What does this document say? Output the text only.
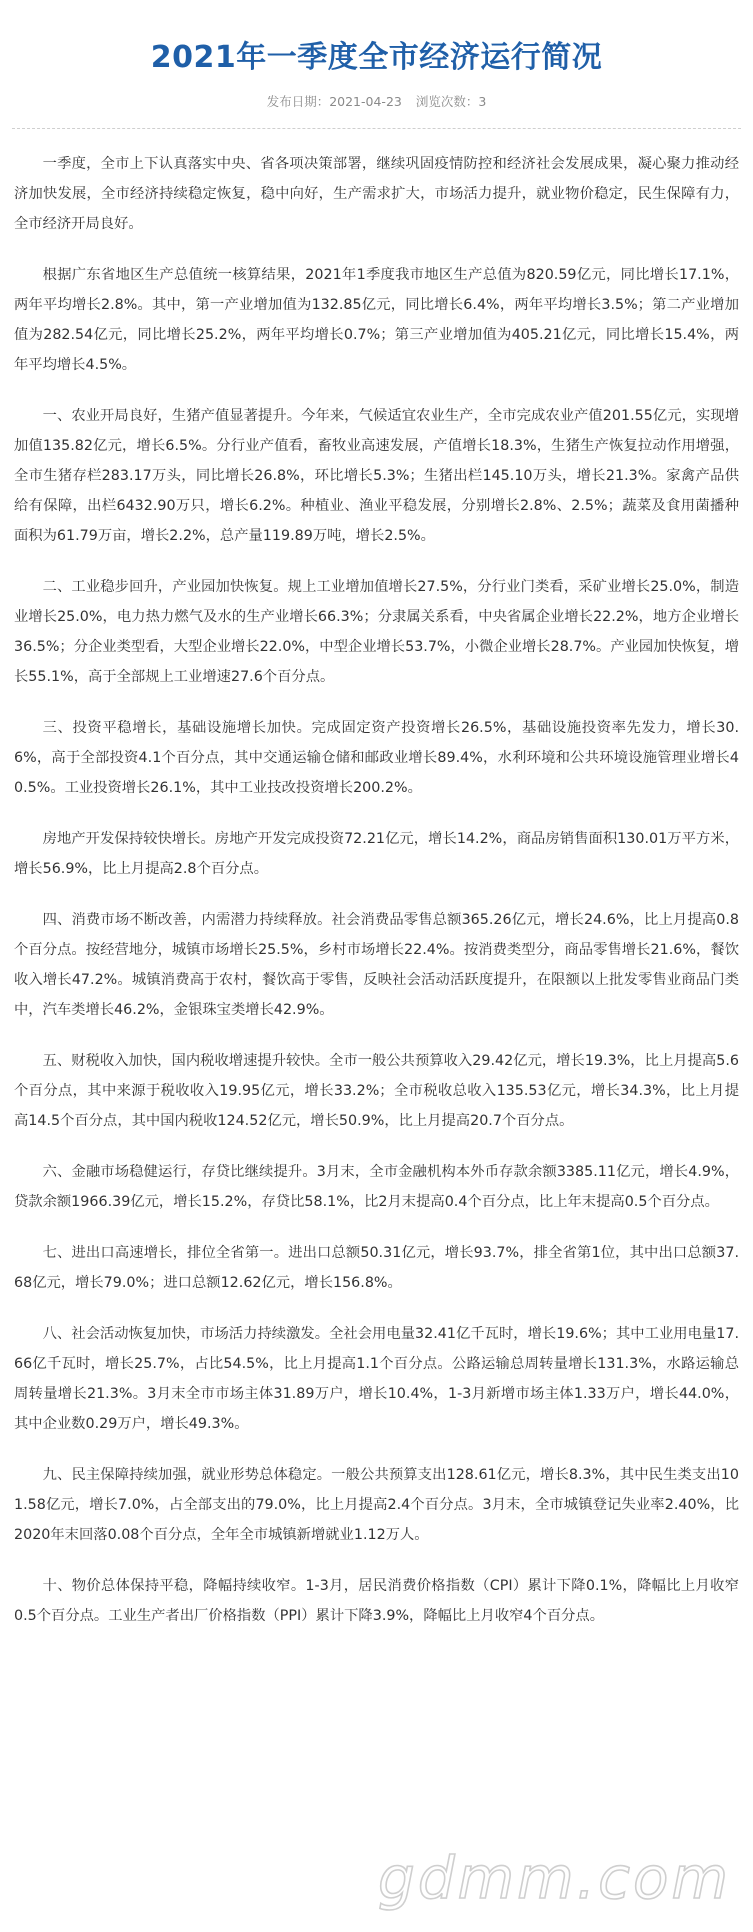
2021年一季度全市经济运行简况
发布日期：2021-04-23 浏览次数：3

一季度，全市上下认真落实中央、省各项决策部署，继续巩固疫情防控和经济社会发展成果，凝心聚力推动经济加快发展，全市经济持续稳定恢复，稳中向好，生产需求扩大，市场活力提升，就业物价稳定，民生保障有力，全市经济开局良好。

根据广东省地区生产总值统一核算结果，2021年1季度我市地区生产总值为820.59亿元，同比增长17.1%，两年平均增长2.8%。其中，第一产业增加值为132.85亿元，同比增长6.4%，两年平均增长3.5%；第二产业增加值为282.54亿元，同比增长25.2%，两年平均增长0.7%；第三产业增加值为405.21亿元，同比增长15.4%，两年平均增长4.5%。

一、农业开局良好，生猪产值显著提升。今年来，气候适宜农业生产，全市完成农业产值201.55亿元，实现增加值135.82亿元，增长6.5%。分行业产值看，畜牧业高速发展，产值增长18.3%，生猪生产恢复拉动作用增强，全市生猪存栏283.17万头，同比增长26.8%，环比增长5.3%；生猪出栏145.10万头，增长21.3%。家禽产品供给有保障，出栏6432.90万只，增长6.2%。种植业、渔业平稳发展，分别增长2.8%、2.5%；蔬菜及食用菌播种面积为61.79万亩，增长2.2%，总产量119.89万吨，增长2.5%。

二、工业稳步回升，产业园加快恢复。规上工业增加值增长27.5%，分行业门类看，采矿业增长25.0%，制造业增长25.0%，电力热力燃气及水的生产业增长66.3%；分隶属关系看，中央省属企业增长22.2%，地方企业增长36.5%；分企业类型看，大型企业增长22.0%，中型企业增长53.7%，小微企业增长28.7%。产业园加快恢复，增长55.1%，高于全部规上工业增速27.6个百分点。

三、投资平稳增长，基础设施增长加快。完成固定资产投资增长26.5%，基础设施投资率先发力，增长30.6%，高于全部投资4.1个百分点，其中交通运输仓储和邮政业增长89.4%，水利环境和公共环境设施管理业增长40.5%。工业投资增长26.1%，其中工业技改投资增长200.2%。

房地产开发保持较快增长。房地产开发完成投资72.21亿元，增长14.2%，商品房销售面积130.01万平方米，增长56.9%，比上月提高2.8个百分点。

四、消费市场不断改善，内需潜力持续释放。社会消费品零售总额365.26亿元，增长24.6%，比上月提高0.8个百分点。按经营地分，城镇市场增长25.5%，乡村市场增长22.4%。按消费类型分，商品零售增长21.6%，餐饮收入增长47.2%。城镇消费高于农村，餐饮高于零售，反映社会活动活跃度提升，在限额以上批发零售业商品门类中，汽车类增长46.2%，金银珠宝类增长42.9%。

五、财税收入加快，国内税收增速提升较快。全市一般公共预算收入29.42亿元，增长19.3%，比上月提高5.6个百分点，其中来源于税收收入19.95亿元，增长33.2%；全市税收总收入135.53亿元，增长34.3%，比上月提高14.5个百分点，其中国内税收124.52亿元，增长50.9%，比上月提高20.7个百分点。

六、金融市场稳健运行，存贷比继续提升。3月末，全市金融机构本外币存款余额3385.11亿元，增长4.9%，贷款余额1966.39亿元，增长15.2%，存贷比58.1%，比2月末提高0.4个百分点，比上年末提高0.5个百分点。

七、进出口高速增长，排位全省第一。进出口总额50.31亿元，增长93.7%，排全省第1位，其中出口总额37.68亿元，增长79.0%；进口总额12.62亿元，增长156.8%。

八、社会活动恢复加快，市场活力持续激发。全社会用电量32.41亿千瓦时，增长19.6%；其中工业用电量17.66亿千瓦时，增长25.7%，占比54.5%，比上月提高1.1个百分点。公路运输总周转量增长131.3%，水路运输总周转量增长21.3%。3月末全市市场主体31.89万户，增长10.4%，1-3月新增市场主体1.33万户，增长44.0%，其中企业数0.29万户，增长49.3%。

九、民主保障持续加强，就业形势总体稳定。一般公共预算支出128.61亿元，增长8.3%，其中民生类支出101.58亿元，增长7.0%，占全部支出的79.0%，比上月提高2.4个百分点。3月末，全市城镇登记失业率2.40%，比2020年末回落0.08个百分点，全年全市城镇新增就业1.12万人。

十、物价总体保持平稳，降幅持续收窄。1-3月，居民消费价格指数（CPI）累计下降0.1%，降幅比上月收窄0.5个百分点。工业生产者出厂价格指数（PPI）累计下降3.9%，降幅比上月收窄4个百分点。

gdmm.com
